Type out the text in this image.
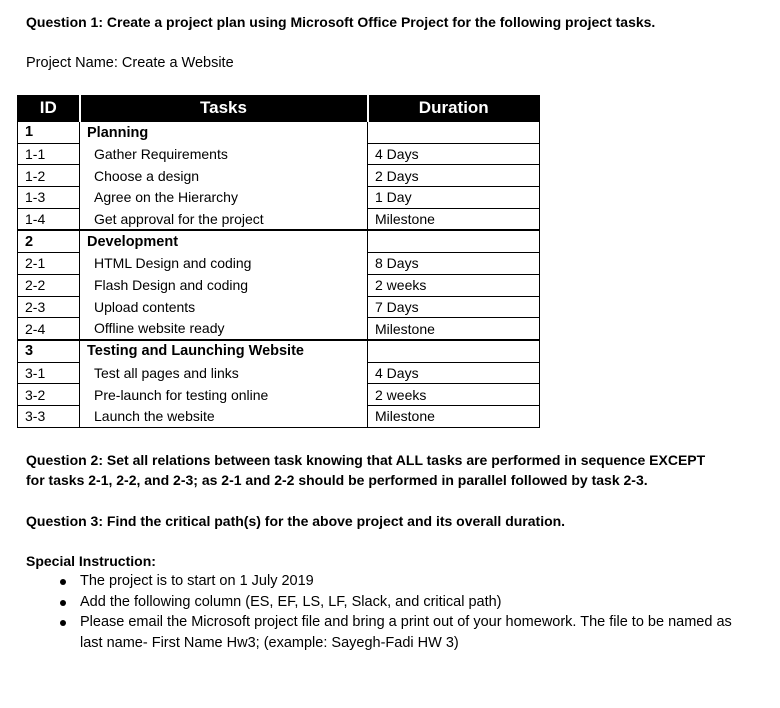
Question 1: Create a project plan using Microsoft Office Project for the following project tasks.
Project Name: Create a Website
ID	Tasks	Duration
1	Planning	
1-1	Gather Requirements	4 Days
1-2	Choose a design	2 Days
1-3	Agree on the Hierarchy	1 Day
1-4	Get approval for the project	Milestone
2	Development	
2-1	HTML Design and coding	8 Days
2-2	Flash Design and coding	2 weeks
2-3	Upload contents	7 Days
2-4	Offline website ready	Milestone
3	Testing and Launching Website	
3-1	Test all pages and links	4 Days
3-2	Pre-launch for testing online	2 weeks
3-3	Launch the website	Milestone
Question 2: Set all relations between task knowing that ALL tasks are performed in sequence EXCEPT
for tasks 2-1, 2-2, and 2-3; as 2-1 and 2-2 should be performed in parallel followed by task 2-3.
Question 3: Find the critical path(s) for the above project and its overall duration.
Special Instruction:
The project is to start on 1 July 2019
Add the following column (ES, EF, LS, LF, Slack, and critical path)
Please email the Microsoft project file and bring a print out of your homework. The file to be named as last name- First Name Hw3; (example: Sayegh-Fadi HW 3)
